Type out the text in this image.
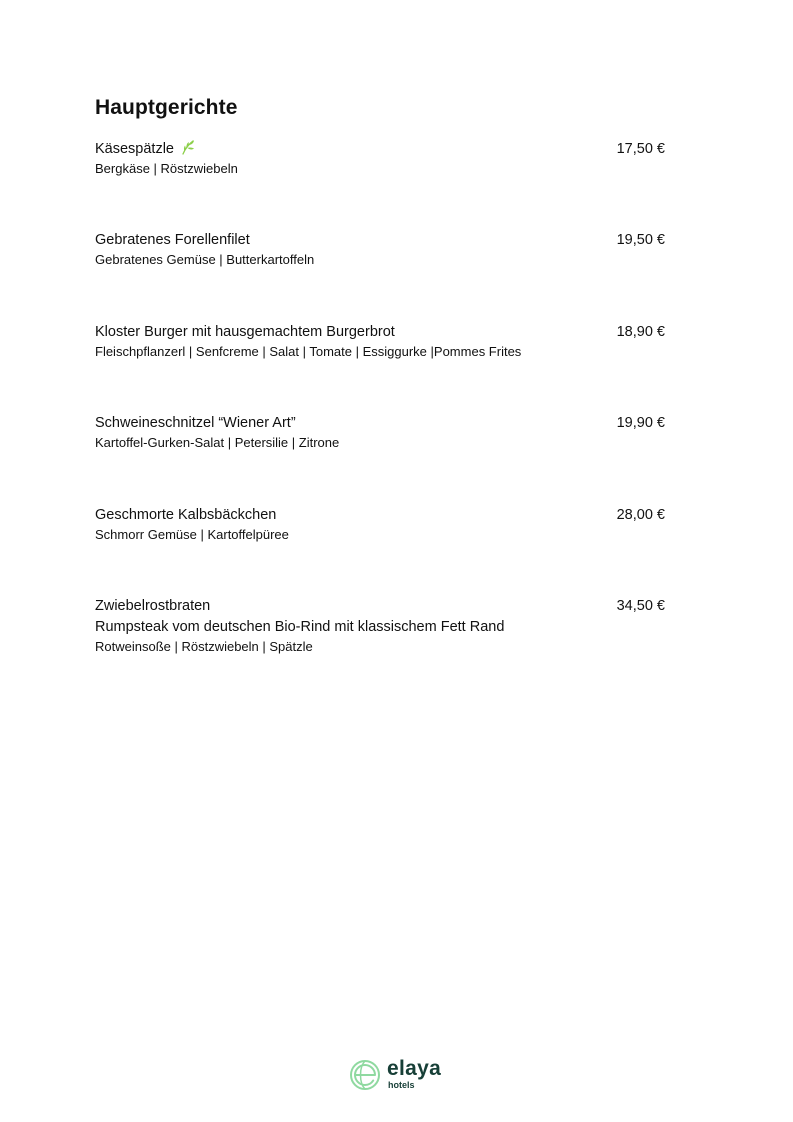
Hauptgerichte
Käsespätzle	17,50 €
Bergkäse | Röstzwiebeln
Gebratenes Forellenfilet	19,50 €
Gebratenes Gemüse | Butterkartoffeln
Kloster Burger mit hausgemachtem Burgerbrot	18,90 €
Fleischpflanzerl | Senfcreme | Salat | Tomate | Essiggurke |Pommes Frites
Schweineschnitzel “Wiener Art”	19,90 €
Kartoffel-Gurken-Salat | Petersilie | Zitrone
Geschmorte Kalbsbäckchen	28,00 €
Schmorr Gemüse | Kartoffelpüree
Zwiebelrostbraten	34,50 €
Rumpsteak vom deutschen Bio-Rind mit klassischem Fett Rand
Rotweinsoße | Röstzwiebeln | Spätzle
elaya
hotels
